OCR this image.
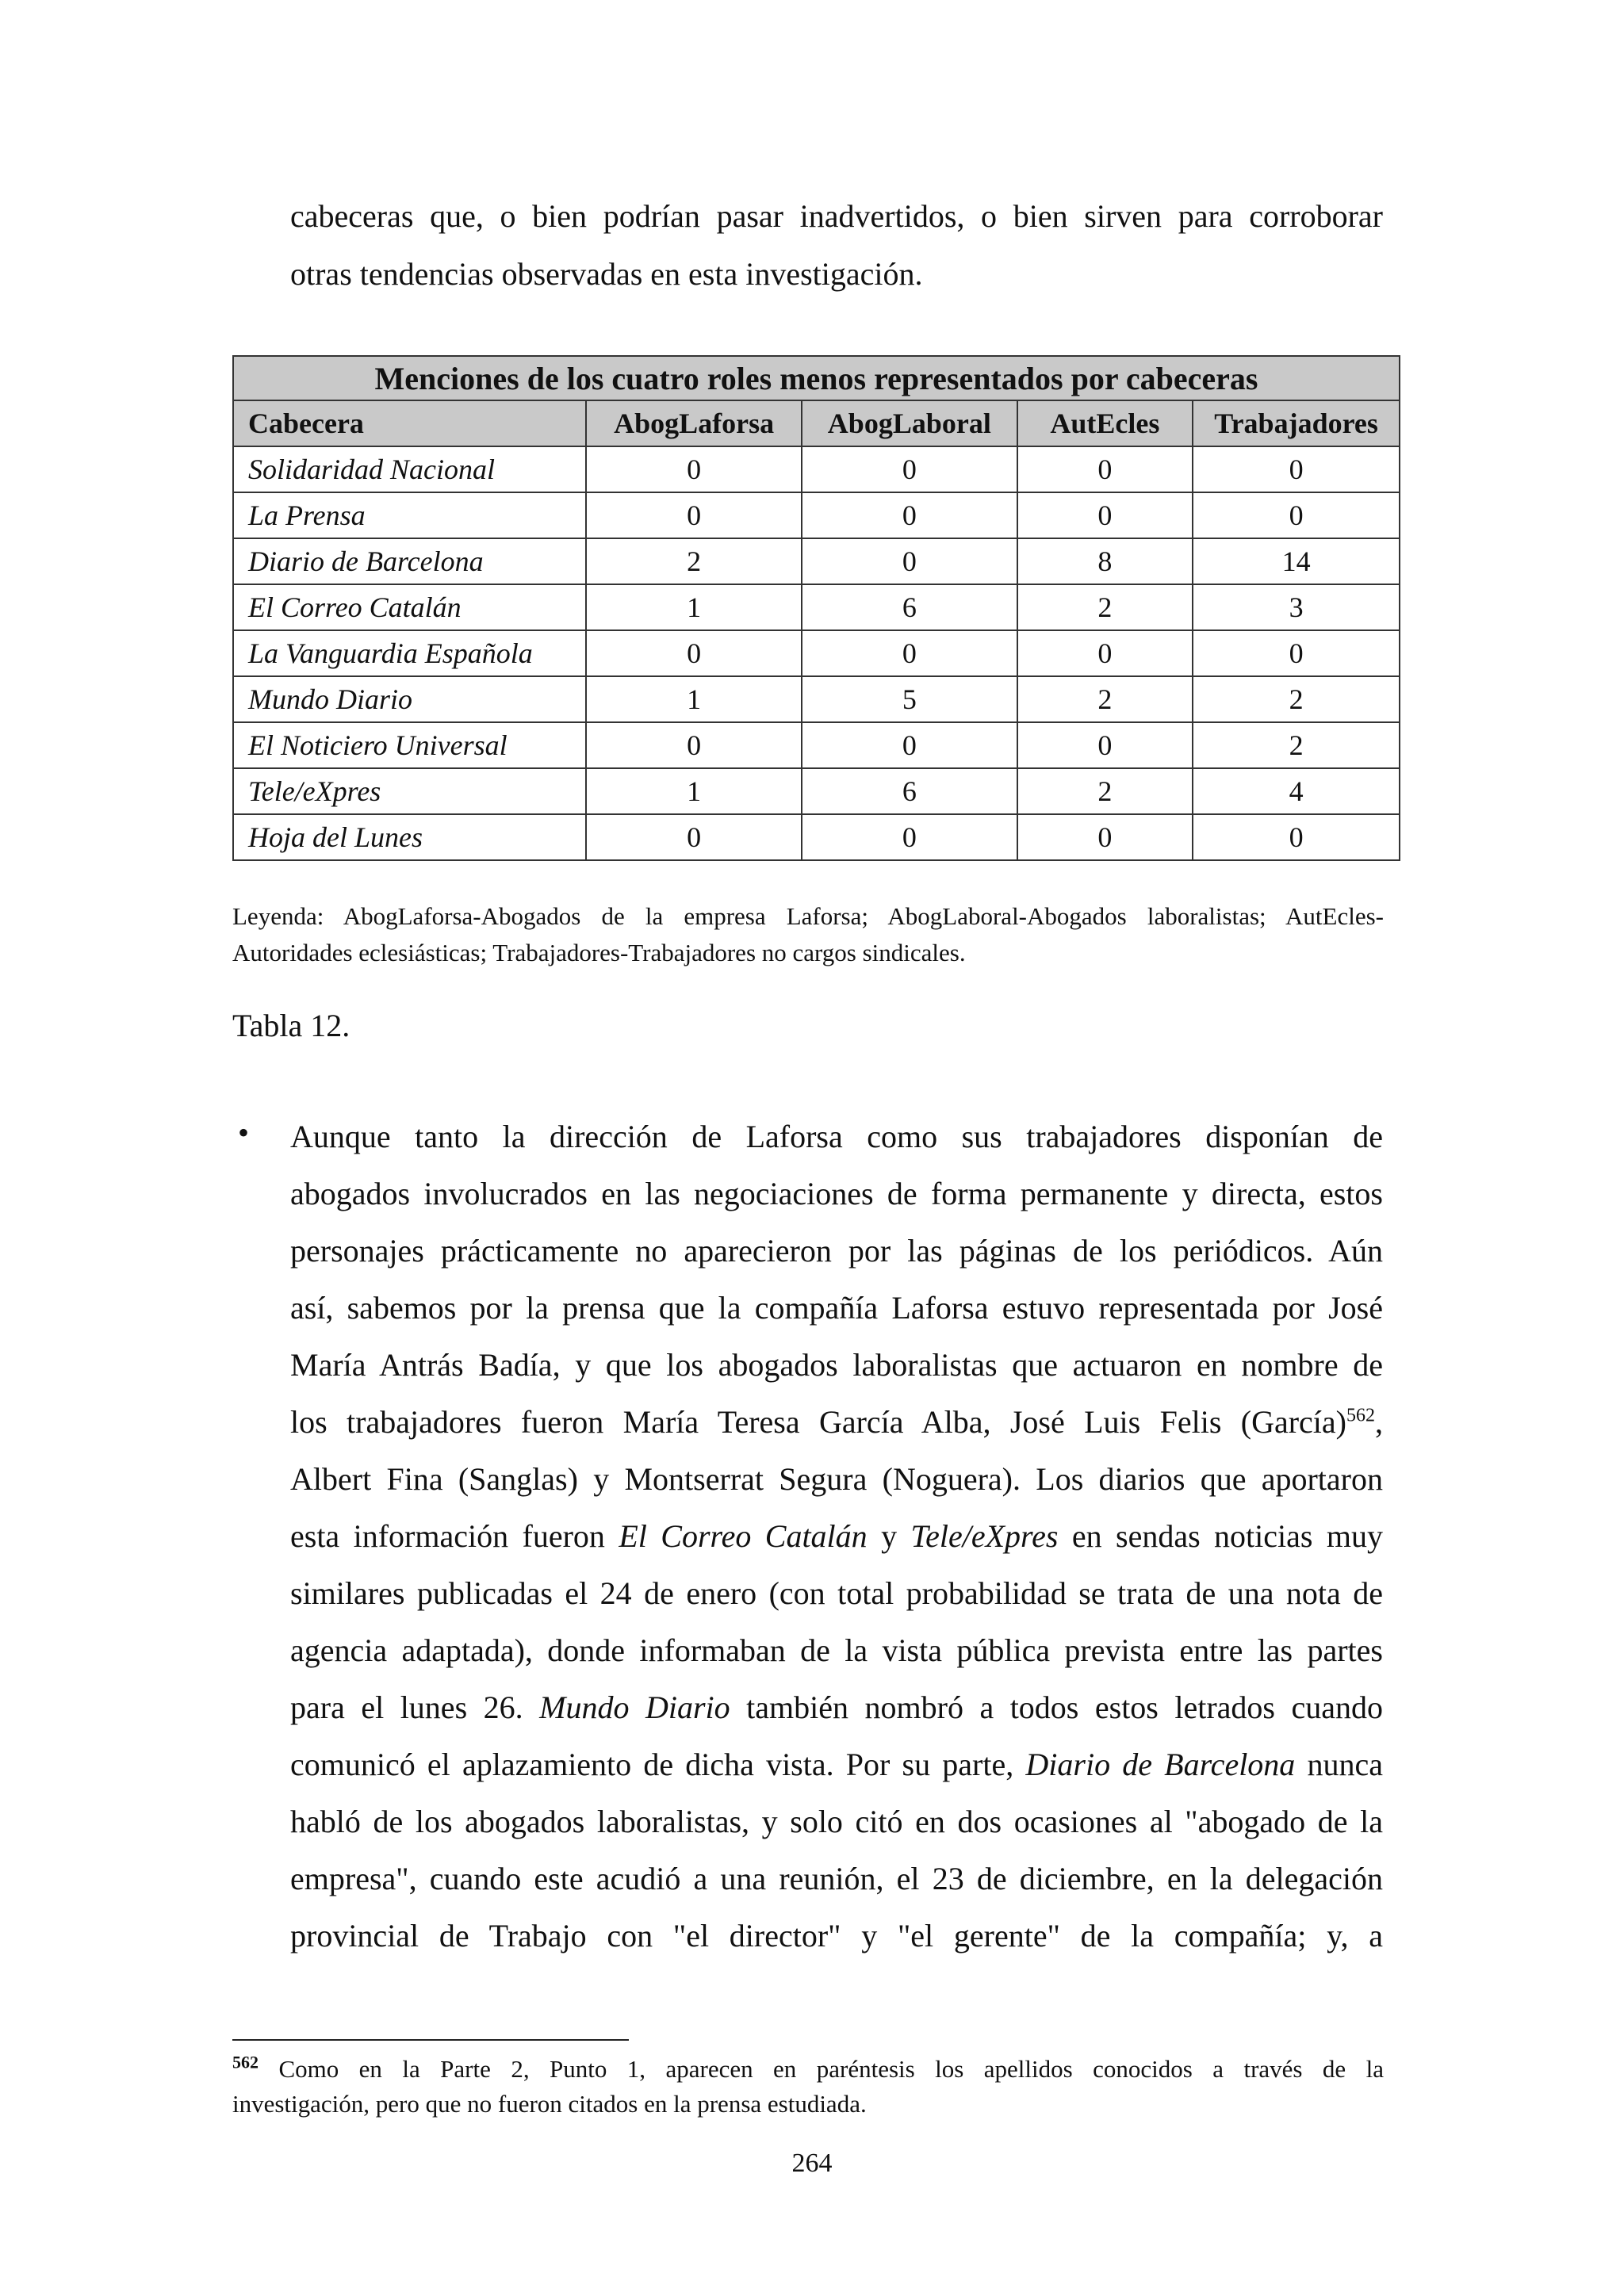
cabeceras que, o bien podrían pasar inadvertidos, o bien sirven para corroborar
otras tendencias observadas en esta investigación.

Menciones de los cuatro roles menos representados por cabeceras				
Cabecera	AbogLaforsa	AbogLaboral	AutEcles	Trabajadores
Solidaridad Nacional	0	0	0	0
La Prensa	0	0	0	0
Diario de Barcelona	2	0	8	14
El Correo Catalán	1	6	2	3
La Vanguardia Española	0	0	0	0
Mundo Diario	1	5	2	2
El Noticiero Universal	0	0	0	2
Tele/eXpres	1	6	2	4
Hoja del Lunes	0	0	0	0

Leyenda: AbogLaforsa-Abogados de la empresa Laforsa; AbogLaboral-Abogados laboralistas; AutEcles-Autoridades eclesiásticas; Trabajadores-Trabajadores no cargos sindicales.

Tabla 12.

• Aunque tanto la dirección de Laforsa como sus trabajadores disponían de
abogados involucrados en las negociaciones de forma permanente y directa, estos
personajes prácticamente no aparecieron por las páginas de los periódicos. Aún
así, sabemos por la prensa que la compañía Laforsa estuvo representada por José
María Antrás Badía, y que los abogados laboralistas que actuaron en nombre de
los trabajadores fueron María Teresa García Alba, José Luis Felis (García)$^{562}$,
Albert Fina (Sanglas) y Montserrat Segura (Noguera). Los diarios que aportaron
esta información fueron El Correo Catalán y Tele/eXpres en sendas noticias muy
similares publicadas el 24 de enero (con total probabilidad se trata de una nota de
agencia adaptada), donde informaban de la vista pública prevista entre las partes
para el lunes 26. Mundo Diario también nombró a todos estos letrados cuando
comunicó el aplazamiento de dicha vista. Por su parte, Diario de Barcelona nunca
habló de los abogados laboralistas, y solo citó en dos ocasiones al "abogado de la
empresa", cuando este acudió a una reunión, el 23 de diciembre, en la delegación
provincial de Trabajo con "el director" y "el gerente" de la compañía; y, a

$^{562}$ Como en la Parte 2, Punto 1, aparecen en paréntesis los apellidos conocidos a través de la
investigación, pero que no fueron citados en la prensa estudiada.

264
